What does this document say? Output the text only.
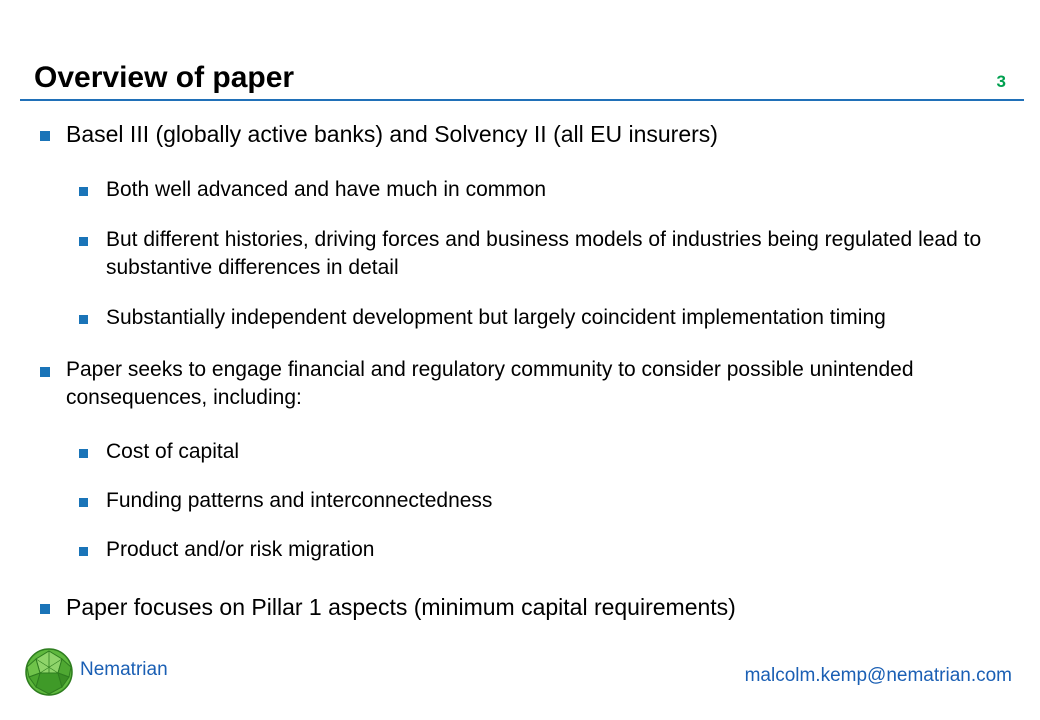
Overview of paper	3
Basel III (globally active banks) and Solvency II (all EU insurers)
Both well advanced and have much in common
But different histories, driving forces and business models of industries being regulated lead to substantive differences in detail
Substantially independent development but largely coincident implementation timing
Paper seeks to engage financial and regulatory community to consider possible unintended consequences, including:
Cost of capital
Funding patterns and interconnectedness
Product and/or risk migration
Paper focuses on Pillar 1 aspects (minimum capital requirements)
Nematrian	malcolm.kemp@nematrian.com
